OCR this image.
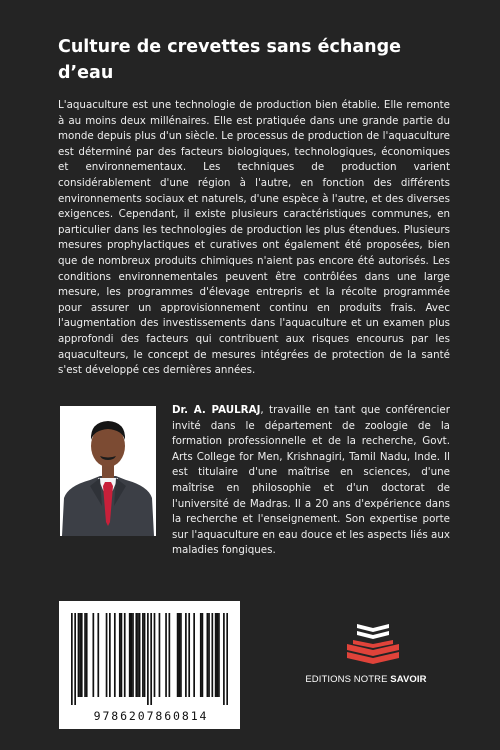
Culture de crevettes sans échange d’eau

L'aquaculture est une technologie de production bien établie. Elle remonte à au moins deux millénaires. Elle est pratiquée dans une grande partie du monde depuis plus d'un siècle. Le processus de production de l'aquaculture est déterminé par des facteurs biologiques, technologiques, économiques et environnementaux. Les techniques de production varient considérablement d'une région à l'autre, en fonction des différents environnements sociaux et naturels, d'une espèce à l'autre, et des diverses exigences. Cependant, il existe plusieurs caractéristiques communes, en particulier dans les technologies de production les plus étendues. Plusieurs mesures prophylactiques et curatives ont également été proposées, bien que de nombreux produits chimiques n'aient pas encore été autorisés. Les conditions environnementales peuvent être contrôlées dans une large mesure, les programmes d'élevage entrepris et la récolte programmée pour assurer un approvisionnement continu en produits frais. Avec l'augmentation des investissements dans l'aquaculture et un examen plus approfondi des facteurs qui contribuent aux risques encourus par les aquaculteurs, le concept de mesures intégrées de protection de la santé s'est développé ces dernières années.

Dr. A. PAULRAJ, travaille en tant que conférencier invité dans le département de zoologie de la formation professionnelle et de la recherche, Govt. Arts College for Men, Krishnagiri, Tamil Nadu, Inde. Il est titulaire d'une maîtrise en sciences, d'une maîtrise en philosophie et d'un doctorat de l'université de Madras. Il a 20 ans d'expérience dans la recherche et l'enseignement. Son expertise porte sur l'aquaculture en eau douce et les aspects liés aux maladies fongiques.

9786207860814
EDITIONS NOTRE SAVOIR
